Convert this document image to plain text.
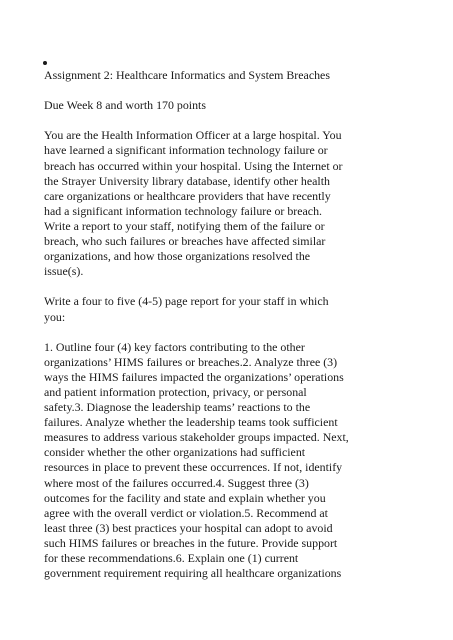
Assignment 2: Healthcare Informatics and System Breaches

Due Week 8 and worth 170 points

You are the Health Information Officer at a large hospital. You
have learned a significant information technology failure or
breach has occurred within your hospital. Using the Internet or
the Strayer University library database, identify other health
care organizations or healthcare providers that have recently
had a significant information technology failure or breach.
Write a report to your staff, notifying them of the failure or
breach, who such failures or breaches have affected similar
organizations, and how those organizations resolved the
issue(s).

Write a four to five (4-5) page report for your staff in which
you:

1. Outline four (4) key factors contributing to the other
organizations’ HIMS failures or breaches.2. Analyze three (3)
ways the HIMS failures impacted the organizations’ operations
and patient information protection, privacy, or personal
safety.3. Diagnose the leadership teams’ reactions to the
failures. Analyze whether the leadership teams took sufficient
measures to address various stakeholder groups impacted. Next,
consider whether the other organizations had sufficient
resources in place to prevent these occurrences. If not, identify
where most of the failures occurred.4. Suggest three (3)
outcomes for the facility and state and explain whether you
agree with the overall verdict or violation.5. Recommend at
least three (3) best practices your hospital can adopt to avoid
such HIMS failures or breaches in the future. Provide support
for these recommendations.6. Explain one (1) current
government requirement requiring all healthcare organizations
